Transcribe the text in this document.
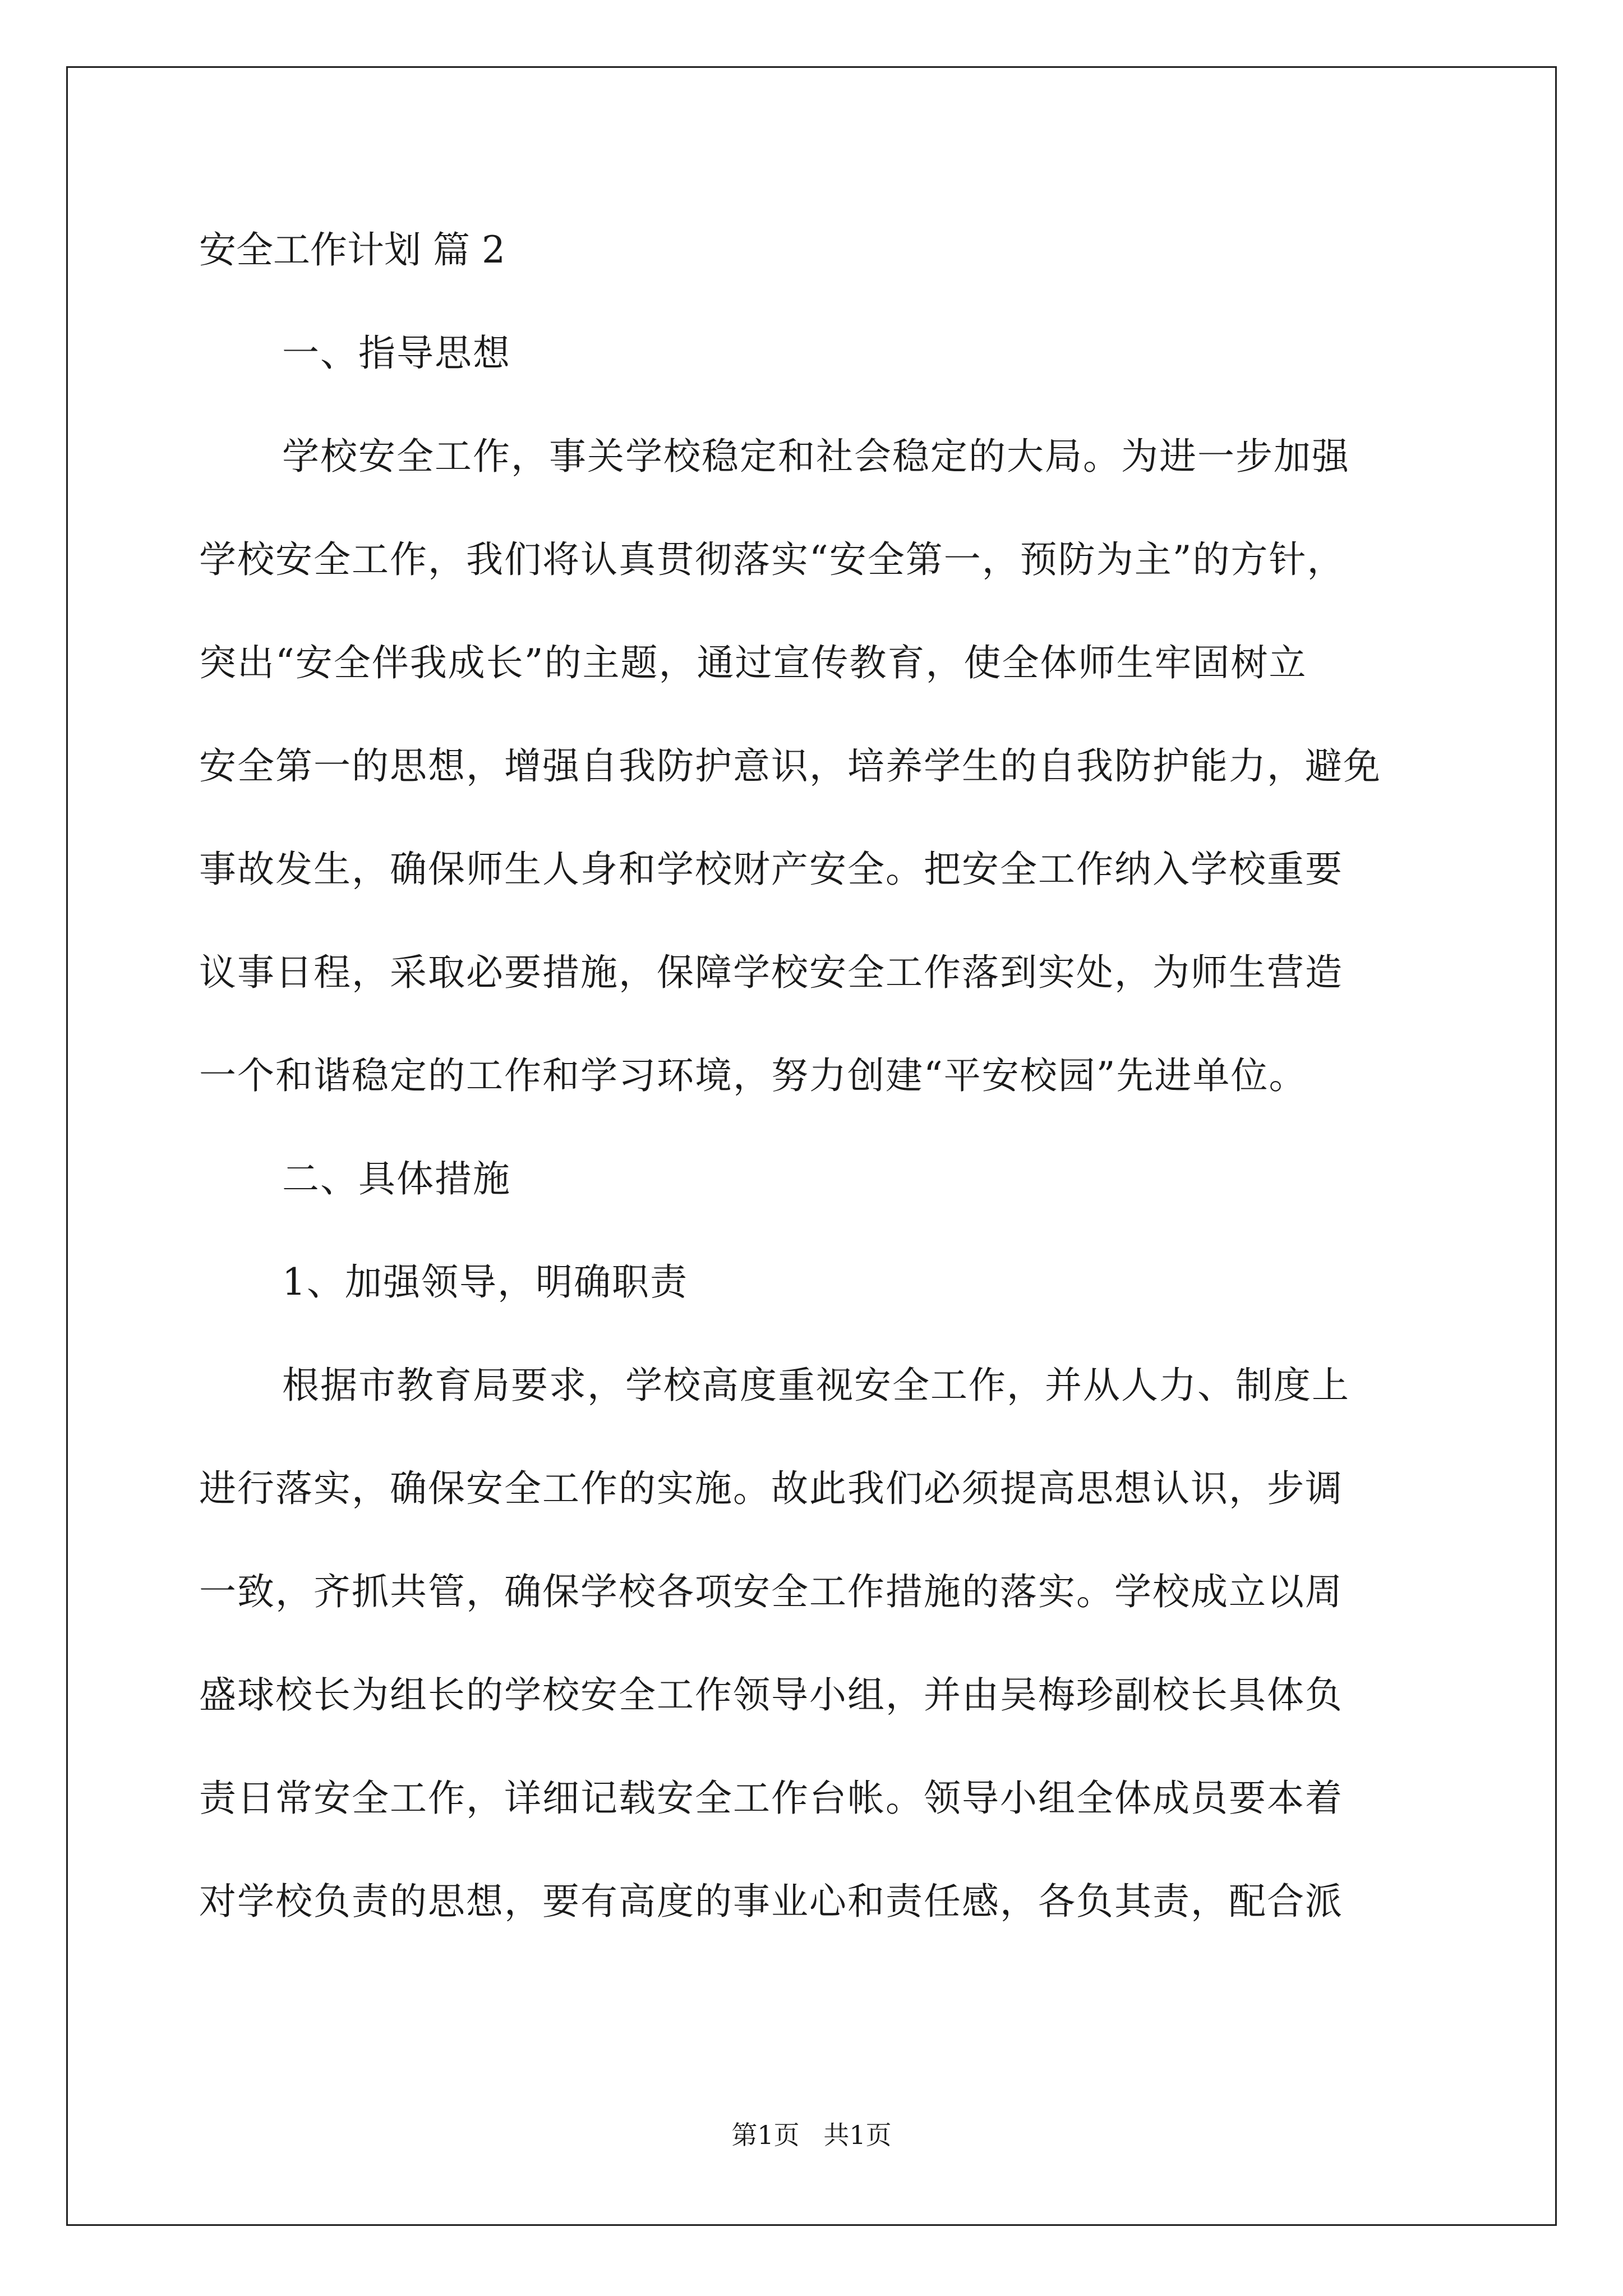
安全工作计划 篇 2
一、指导思想
学校安全工作，事关学校稳定和社会稳定的大局。为进一步加强
学校安全工作，我们将认真贯彻落实“安全第一，预防为主”的方针，
突出“安全伴我成长”的主题，通过宣传教育，使全体师生牢固树立
安全第一的思想，增强自我防护意识，培养学生的自我防护能力，避免
事故发生，确保师生人身和学校财产安全。把安全工作纳入学校重要
议事日程，采取必要措施，保障学校安全工作落到实处，为师生营造
一个和谐稳定的工作和学习环境，努力创建“平安校园”先进单位。
二、具体措施
1、加强领导，明确职责
根据市教育局要求，学校高度重视安全工作，并从人力、制度上
进行落实，确保安全工作的实施。故此我们必须提高思想认识，步调
一致，齐抓共管，确保学校各项安全工作措施的落实。学校成立以周
盛球校长为组长的学校安全工作领导小组，并由吴梅珍副校长具体负
责日常安全工作，详细记载安全工作台帐。领导小组全体成员要本着
对学校负责的思想，要有高度的事业心和责任感，各负其责，配合派
第1页 共1页
